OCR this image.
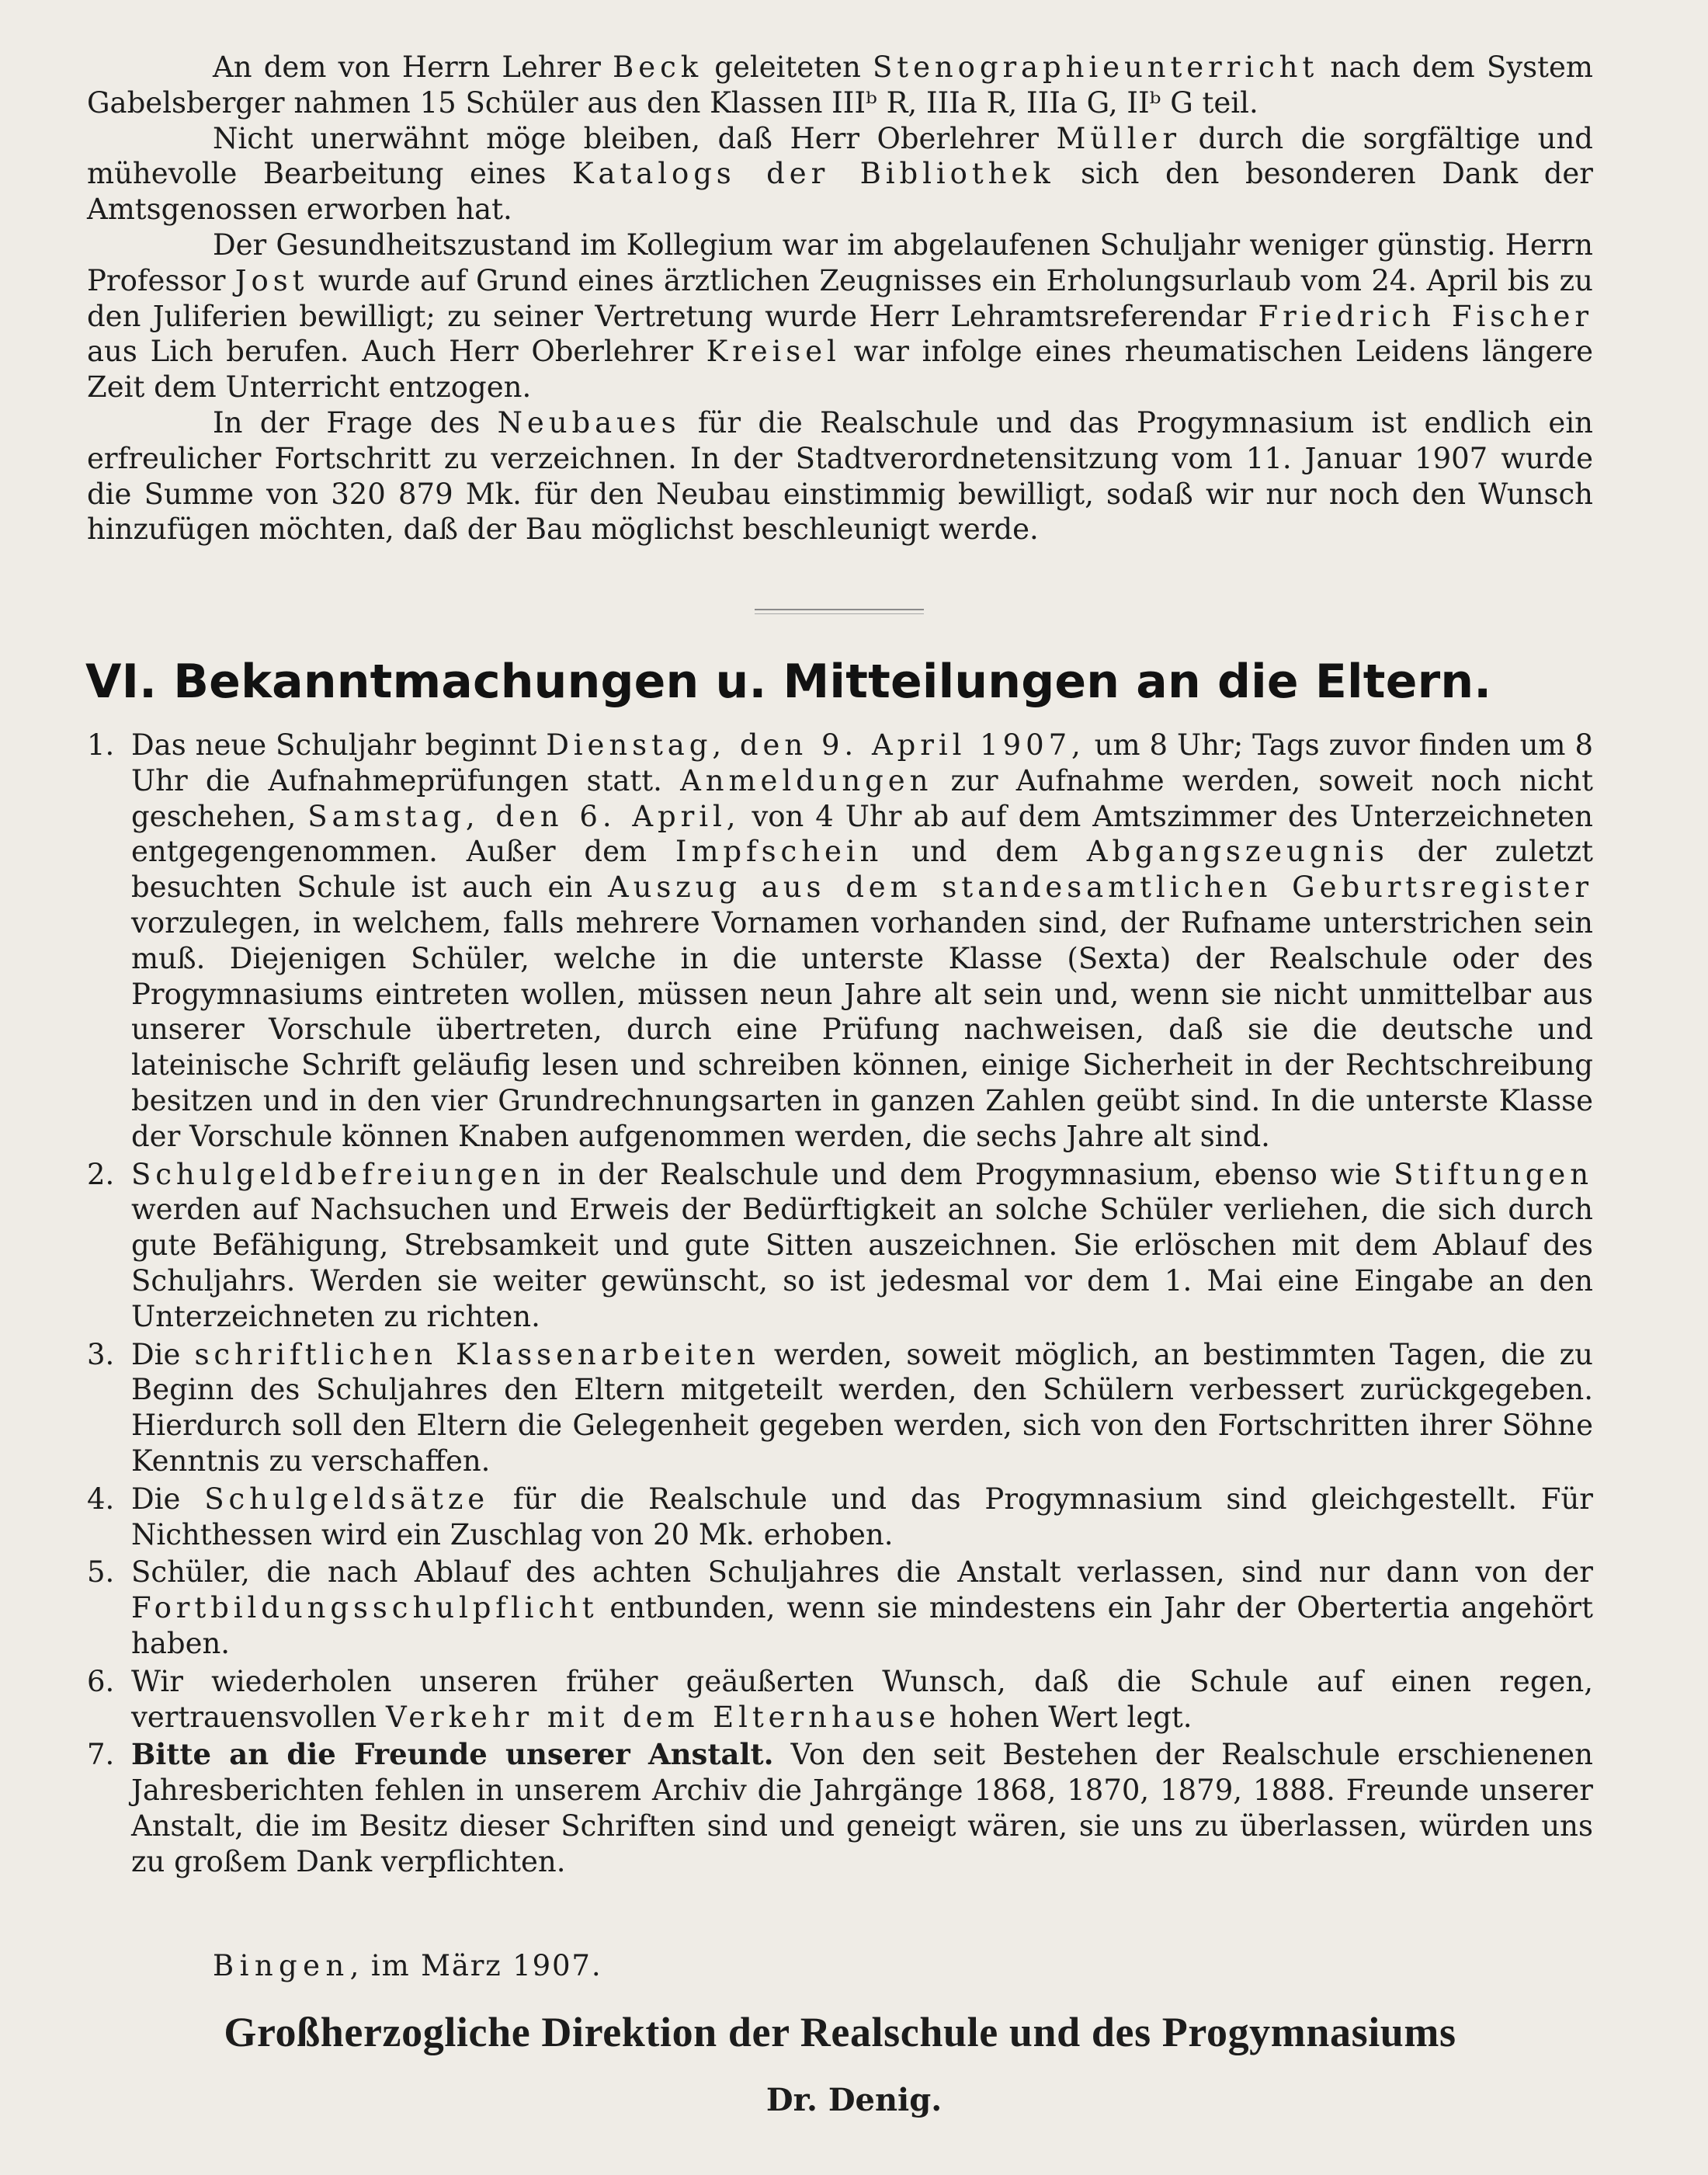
An dem von Herrn Lehrer Beck geleiteten Stenographieunterricht nach dem System Gabelsberger nahmen 15 Schüler aus den Klassen IIIᵇ R, IIIa R, IIIa G, IIᵇ G teil.

Nicht unerwähnt möge bleiben, daß Herr Oberlehrer Müller durch die sorgfältige und mühevolle Bearbeitung eines Katalogs der Bibliothek sich den besonderen Dank der Amtsgenossen erworben hat.

Der Gesundheitszustand im Kollegium war im abgelaufenen Schuljahr weniger günstig. Herrn Professor Jost wurde auf Grund eines ärztlichen Zeugnisses ein Erholungsurlaub vom 24. April bis zu den Juliferien bewilligt; zu seiner Vertretung wurde Herr Lehramtsreferendar Friedrich Fischer aus Lich berufen. Auch Herr Oberlehrer Kreisel war infolge eines rheumatischen Leidens längere Zeit dem Unterricht entzogen.

In der Frage des Neubaues für die Realschule und das Progymnasium ist endlich ein erfreulicher Fortschritt zu verzeichnen. In der Stadtverordnetensitzung vom 11. Januar 1907 wurde die Summe von 320 879 Mk. für den Neubau einstimmig bewilligt, sodaß wir nur noch den Wunsch hinzufügen möchten, daß der Bau möglichst beschleunigt werde.

VI. Bekanntmachungen u. Mitteilungen an die Eltern.
1. Das neue Schuljahr beginnt Dienstag, den 9. April 1907, um 8 Uhr; Tags zuvor finden um 8 Uhr die Aufnahmeprüfungen statt. Anmeldungen zur Aufnahme werden, soweit noch nicht geschehen, Samstag, den 6. April, von 4 Uhr ab auf dem Amtszimmer des Unterzeichneten entgegengenommen. Außer dem Impfschein und dem Abgangszeugnis der zuletzt besuchten Schule ist auch ein Auszug aus dem standesamtlichen Geburtsregister vorzulegen, in welchem, falls mehrere Vornamen vorhanden sind, der Rufname unterstrichen sein muß. Diejenigen Schüler, welche in die unterste Klasse (Sexta) der Realschule oder des Progymnasiums eintreten wollen, müssen neun Jahre alt sein und, wenn sie nicht unmittelbar aus unserer Vorschule übertreten, durch eine Prüfung nachweisen, daß sie die deutsche und lateinische Schrift geläufig lesen und schreiben können, einige Sicherheit in der Rechtschreibung besitzen und in den vier Grundrechnungsarten in ganzen Zahlen geübt sind. In die unterste Klasse der Vorschule können Knaben aufgenommen werden, die sechs Jahre alt sind.
2. Schulgeldbefreiungen in der Realschule und dem Progymnasium, ebenso wie Stiftungen werden auf Nachsuchen und Erweis der Bedürftigkeit an solche Schüler verliehen, die sich durch gute Befähigung, Strebsamkeit und gute Sitten auszeichnen. Sie erlöschen mit dem Ablauf des Schuljahrs. Werden sie weiter gewünscht, so ist jedesmal vor dem 1. Mai eine Eingabe an den Unterzeichneten zu richten.
3. Die schriftlichen Klassenarbeiten werden, soweit möglich, an bestimmten Tagen, die zu Beginn des Schuljahres den Eltern mitgeteilt werden, den Schülern verbessert zurückgegeben. Hierdurch soll den Eltern die Gelegenheit gegeben werden, sich von den Fortschritten ihrer Söhne Kenntnis zu verschaffen.
4. Die Schulgeldsätze für die Realschule und das Progymnasium sind gleichgestellt. Für Nichthessen wird ein Zuschlag von 20 Mk. erhoben.
5. Schüler, die nach Ablauf des achten Schuljahres die Anstalt verlassen, sind nur dann von der Fortbildungsschulpflicht entbunden, wenn sie mindestens ein Jahr der Obertertia angehört haben.
6. Wir wiederholen unseren früher geäußerten Wunsch, daß die Schule auf einen regen, vertrauensvollen Verkehr mit dem Elternhause hohen Wert legt.
7. Bitte an die Freunde unserer Anstalt. Von den seit Bestehen der Realschule erschienenen Jahresberichten fehlen in unserem Archiv die Jahrgänge 1868, 1870, 1879, 1888. Freunde unserer Anstalt, die im Besitz dieser Schriften sind und geneigt wären, sie uns zu überlassen, würden uns zu großem Dank verpflichten.
Bingen, im März 1907.
Großherzogliche Direktion der Realschule und des Progymnasiums
Dr. Denig.
